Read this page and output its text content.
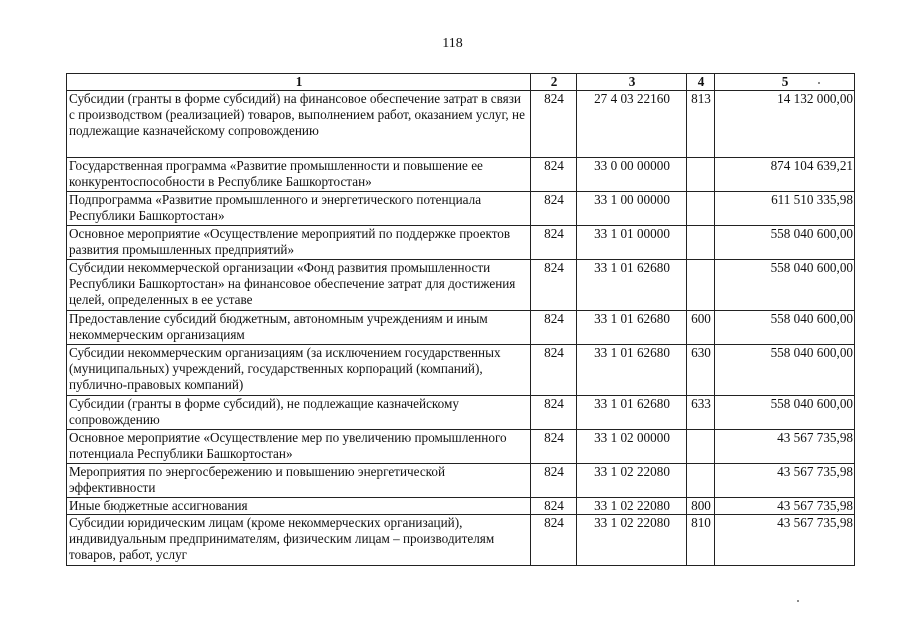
118
1	2	3	4	5
Субсидии (гранты в форме субсидий) на финансовое обеспечение затрат в связи с производством (реализацией) товаров, выполнением работ, оказанием услуг, не подлежащие казначейскому сопровождению	824	27 4 03 22160	813	14 132 000,00
Государственная программа «Развитие промышленности и повышение ее конкурентоспособности в Республике Башкортостан»	824	33 0 00 00000		874 104 639,21
Подпрограмма «Развитие промышленного и энергетического потенциала Республики Башкортостан»	824	33 1 00 00000		611 510 335,98
Основное мероприятие «Осуществление мероприятий по поддержке проектов развития промышленных предприятий»	824	33 1 01 00000		558 040 600,00
Субсидии некоммерческой организации «Фонд развития промышленности Республики Башкортостан» на финансовое обеспечение затрат для достижения целей, определенных в ее уставе	824	33 1 01 62680		558 040 600,00
Предоставление субсидий бюджетным, автономным учреждениям и иным некоммерческим организациям	824	33 1 01 62680	600	558 040 600,00
Субсидии некоммерческим организациям (за исключением государственных (муниципальных) учреждений, государственных корпораций (компаний), публично-правовых компаний)	824	33 1 01 62680	630	558 040 600,00
Субсидии (гранты в форме субсидий), не подлежащие казначейскому сопровождению	824	33 1 01 62680	633	558 040 600,00
Основное мероприятие «Осуществление мер по увеличению промышленного потенциала Республики Башкортостан»	824	33 1 02 00000		43 567 735,98
Мероприятия по энергосбережению и повышению энергетической эффективности	824	33 1 02 22080		43 567 735,98
Иные бюджетные ассигнования	824	33 1 02 22080	800	43 567 735,98
Субсидии юридическим лицам (кроме некоммерческих организаций), индивидуальным предпринимателям, физическим лицам – производителям товаров, работ, услуг	824	33 1 02 22080	810	43 567 735,98
